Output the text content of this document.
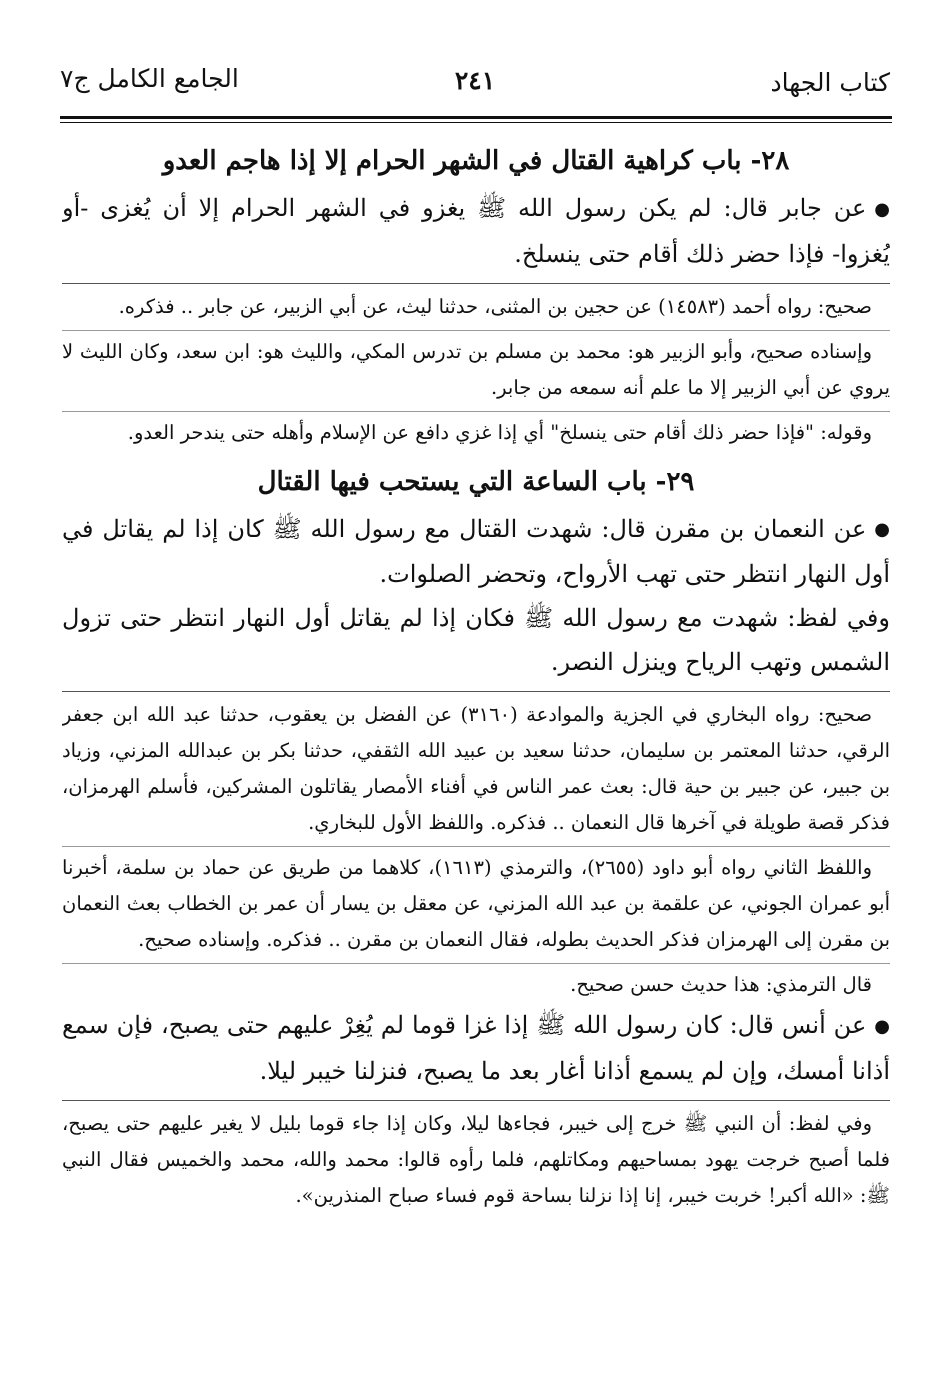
كتاب الجهاد
٢٤١
الجامع الكامل ج٧
٢٨- باب كراهية القتال في الشهر الحرام إلا إذا هاجم العدو

●عن جابر قال: لم يكن رسول الله ﷺ يغزو في الشهر الحرام إلا أن يُغزى -أو يُغزوا- فإذا حضر ذلك أقام حتى ينسلخ.

صحيح: رواه أحمد (١٤٥٨٣) عن حجين بن المثنى، حدثنا ليث، عن أبي الزبير، عن جابر .. فذكره.

وإسناده صحيح، وأبو الزبير هو: محمد بن مسلم بن تدرس المكي، والليث هو: ابن سعد، وكان الليث لا يروي عن أبي الزبير إلا ما علم أنه سمعه من جابر.

وقوله: "فإذا حضر ذلك أقام حتى ينسلخ" أي إذا غزي دافع عن الإسلام وأهله حتى يندحر العدو.

٢٩- باب الساعة التي يستحب فيها القتال

●عن النعمان بن مقرن قال: شهدت القتال مع رسول الله ﷺ كان إذا لم يقاتل في أول النهار انتظر حتى تهب الأرواح، وتحضر الصلوات.

وفي لفظ: شهدت مع رسول الله ﷺ فكان إذا لم يقاتل أول النهار انتظر حتى تزول الشمس وتهب الرياح وينزل النصر.

صحيح: رواه البخاري في الجزية والموادعة (٣١٦٠) عن الفضل بن يعقوب، حدثنا عبد الله ابن جعفر الرقي، حدثنا المعتمر بن سليمان، حدثنا سعيد بن عبيد الله الثقفي، حدثنا بكر بن عبدالله المزني، وزياد بن جبير، عن جبير بن حية قال: بعث عمر الناس في أفناء الأمصار يقاتلون المشركين، فأسلم الهرمزان، فذكر قصة طويلة في آخرها قال النعمان .. فذكره. واللفظ الأول للبخاري.

واللفظ الثاني رواه أبو داود (٢٦٥٥)، والترمذي (١٦١٣)، كلاهما من طريق عن حماد بن سلمة، أخبرنا أبو عمران الجوني، عن علقمة بن عبد الله المزني، عن معقل بن يسار أن عمر بن الخطاب بعث النعمان بن مقرن إلى الهرمزان فذكر الحديث بطوله، فقال النعمان بن مقرن .. فذكره. وإسناده صحيح.

قال الترمذي: هذا حديث حسن صحيح.

●عن أنس قال: كان رسول الله ﷺ إذا غزا قوما لم يُغِرْ عليهم حتى يصبح، فإن سمع أذانا أمسك، وإن لم يسمع أذانا أغار بعد ما يصبح، فنزلنا خيبر ليلا.

وفي لفظ: أن النبي ﷺ خرج إلى خيبر، فجاءها ليلا، وكان إذا جاء قوما بليل لا يغير عليهم حتى يصبح، فلما أصبح خرجت يهود بمساحيهم ومكاتلهم، فلما رأوه قالوا: محمد والله، محمد والخميس فقال النبي ﷺ: «الله أكبر! خربت خيبر، إنا إذا نزلنا بساحة قوم فساء صباح المنذرين».
